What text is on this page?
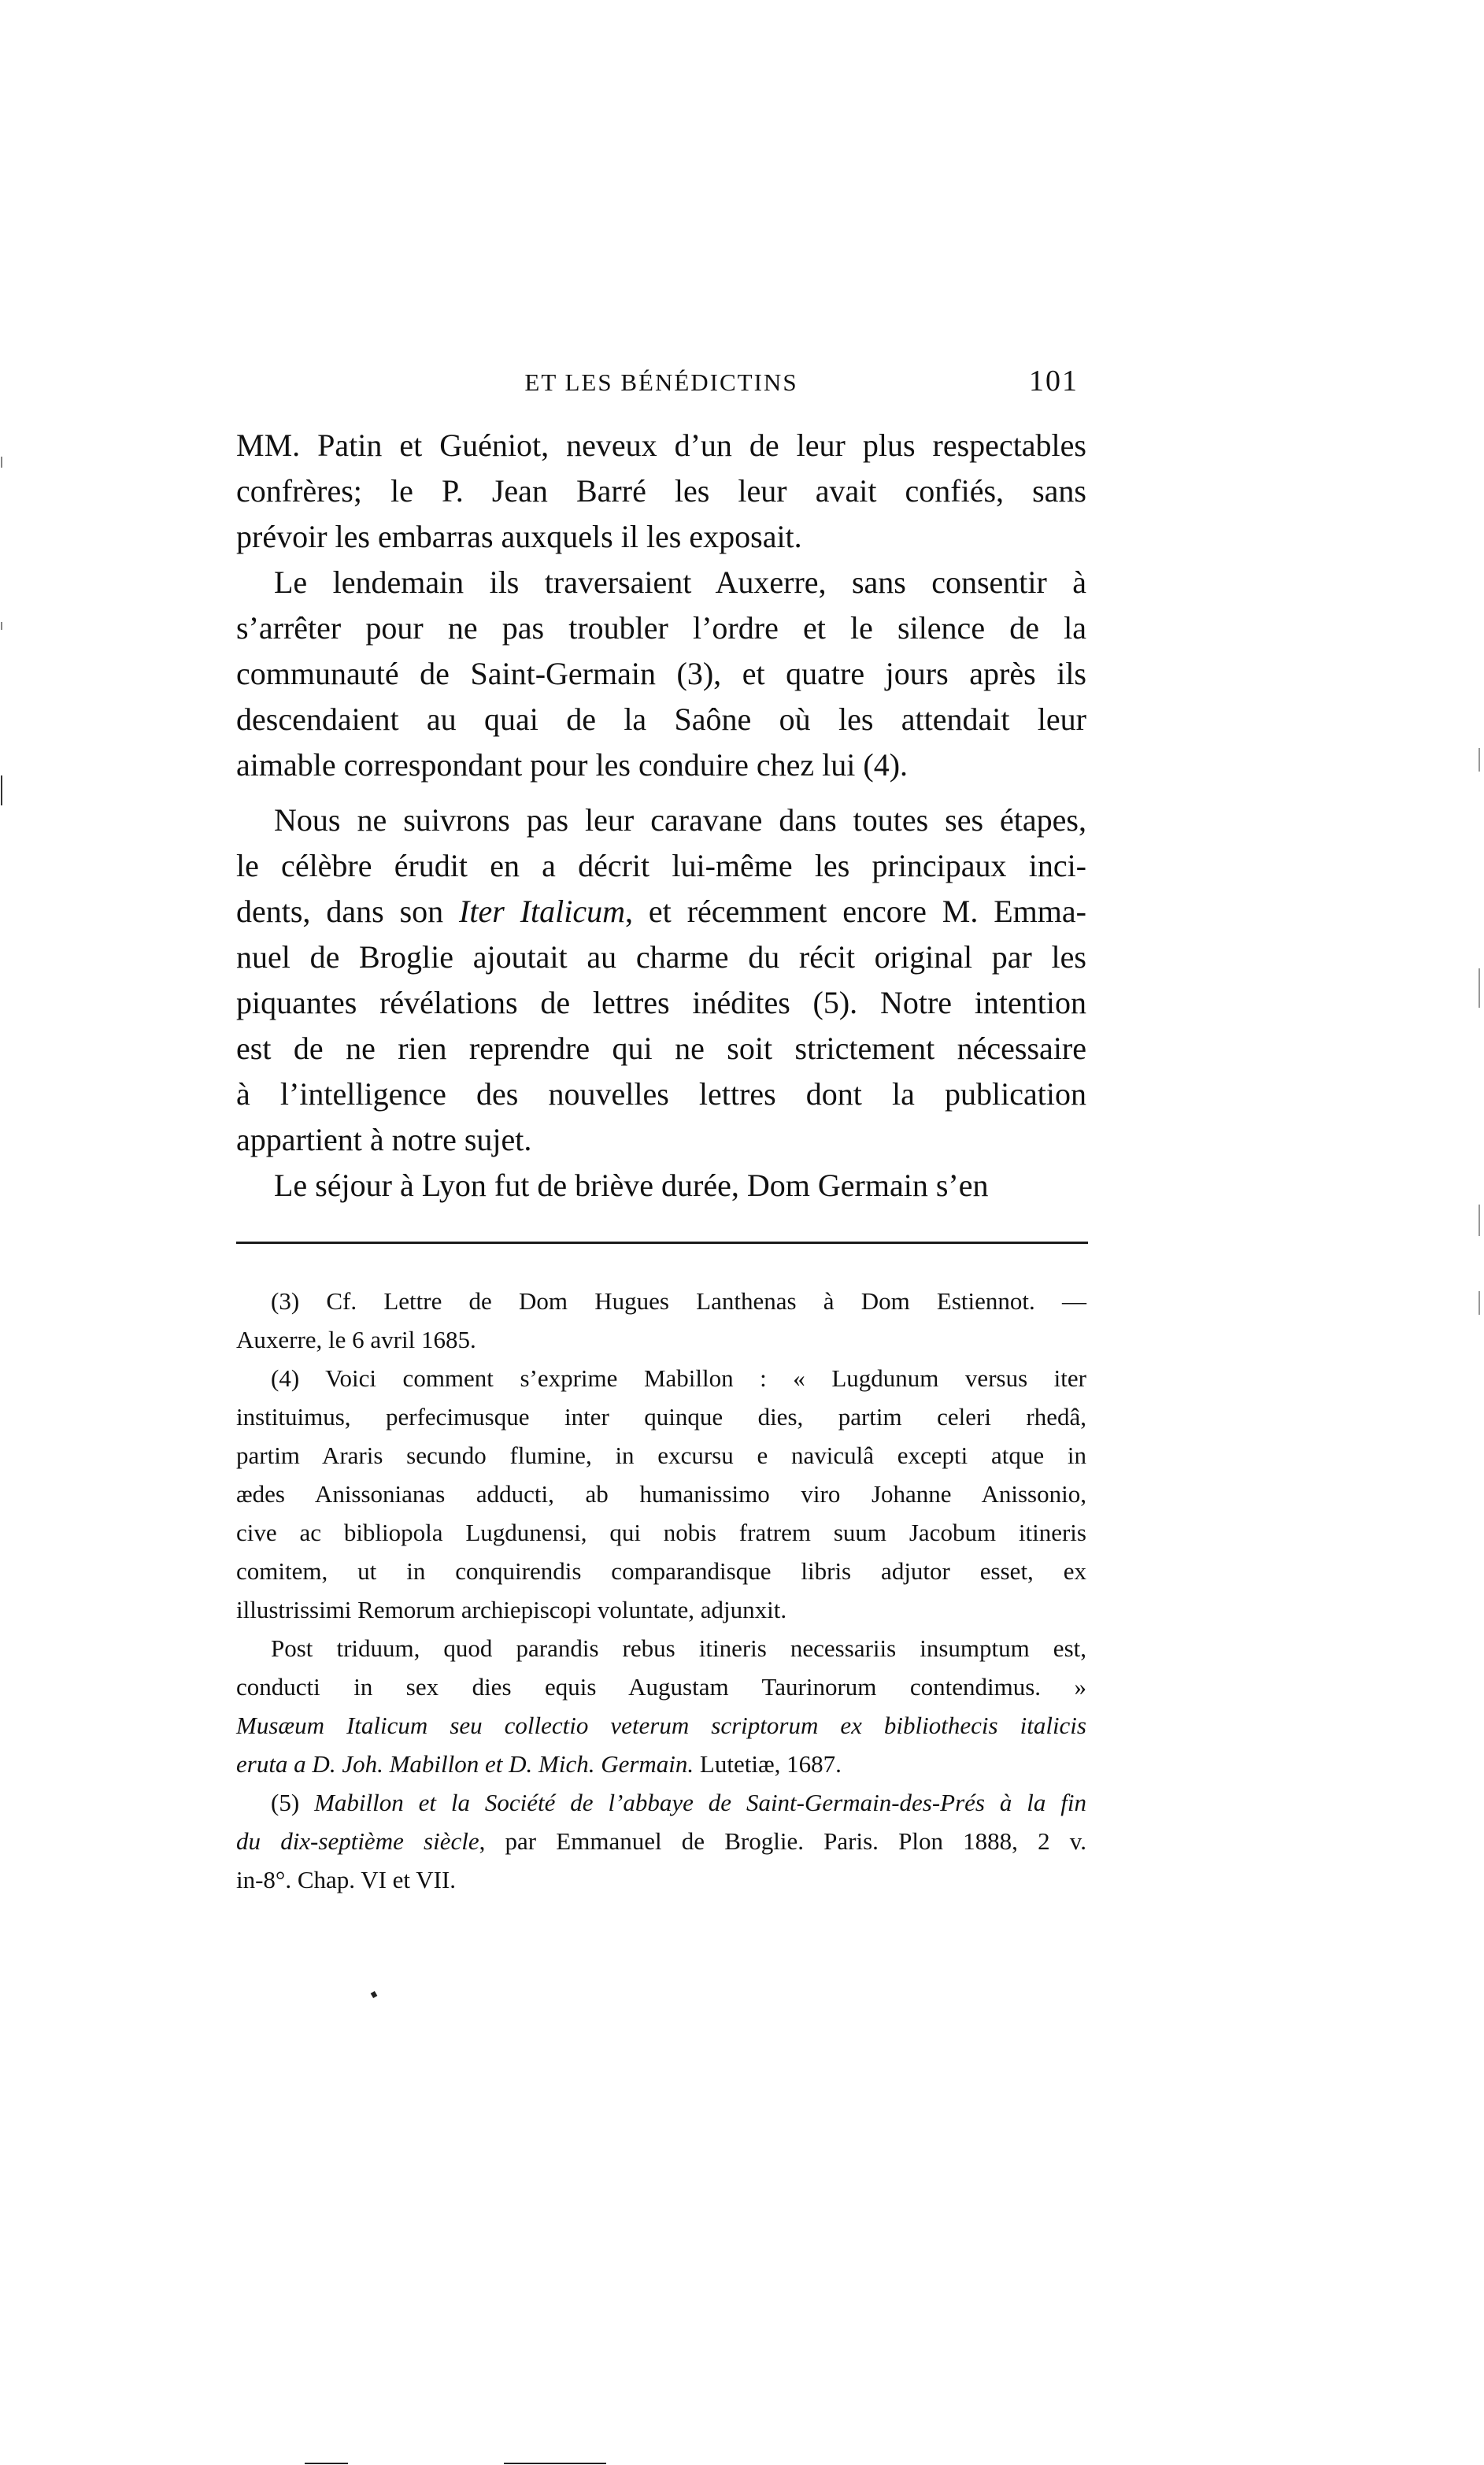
ET LES BÉNÉDICTINS	101
MM. Patin et Guéniot, neveux d’un de leur plus respectables
confrères; le P. Jean Barré les leur avait confiés, sans
prévoir les embarras auxquels il les exposait.
Le lendemain ils traversaient Auxerre, sans consentir à
s’arrêter pour ne pas troubler l’ordre et le silence de la
communauté de Saint-Germain (3), et quatre jours après ils
descendaient au quai de la Saône où les attendait leur
aimable correspondant pour les conduire chez lui (4).
Nous ne suivrons pas leur caravane dans toutes ses étapes,
le célèbre érudit en a décrit lui-même les principaux inci-
dents, dans son Iter Italicum, et récemment encore M. Emma-
nuel de Broglie ajoutait au charme du récit original par les
piquantes révélations de lettres inédites (5). Notre intention
est de ne rien reprendre qui ne soit strictement nécessaire
à l’intelligence des nouvelles lettres dont la publication
appartient à notre sujet.
Le séjour à Lyon fut de briève durée, Dom Germain s’en
(3) Cf. Lettre de Dom Hugues Lanthenas à Dom Estiennot. —
Auxerre, le 6 avril 1685.
(4) Voici comment s’exprime Mabillon : « Lugdunum versus iter
instituimus, perfecimusque inter quinque dies, partim celeri rhedâ,
partim Araris secundo flumine, in excursu e naviculâ excepti atque in
ædes Anissonianas adducti, ab humanissimo viro Johanne Anissonio,
cive ac bibliopola Lugdunensi, qui nobis fratrem suum Jacobum itineris
comitem, ut in conquirendis comparandisque libris adjutor esset, ex
illustrissimi Remorum archiepiscopi voluntate, adjunxit.
Post triduum, quod parandis rebus itineris necessariis insumptum est,
conducti in sex dies equis Augustam Taurinorum contendimus. »
Musæum Italicum seu collectio veterum scriptorum ex bibliothecis italicis
eruta a D. Joh. Mabillon et D. Mich. Germain. Lutetiæ, 1687.
(5) Mabillon et la Société de l’abbaye de Saint-Germain-des-Prés à la fin
du dix-septième siècle, par Emmanuel de Broglie. Paris. Plon 1888, 2 v.
in-8°. Chap. VI et VII.
